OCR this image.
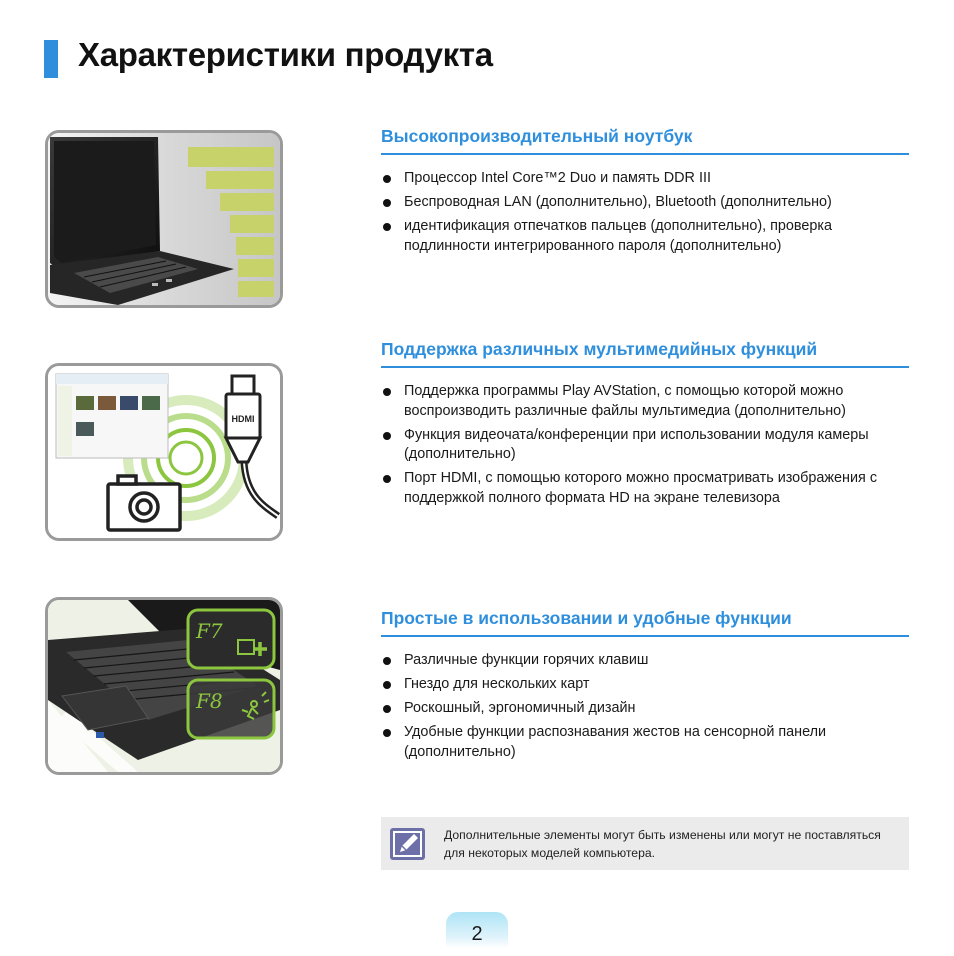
Характеристики продукта
HDMI
F7
F8
Высокопроизводительный ноутбук
Процессор Intel Core™2 Duo и память DDR III
Беспроводная LAN (дополнительно), Bluetooth (дополнительно)
идентификация отпечатков пальцев (дополнительно), проверка подлинности интегрированного пароля (дополнительно)
Поддержка различных мультимедийных функций
Поддержка программы Play AVStation, с помощью которой можно воспроизводить различные файлы мультимедиа (дополнительно)
Функция видеочата/конференции при использовании модуля камеры (дополнительно)
Порт HDMI, с помощью которого можно просматривать изображения с поддержкой полного формата HD на экране телевизора
Простые в использовании и удобные функции
Различные функции горячих клавиш
Гнездо для нескольких карт
Роскошный, эргономичный дизайн
Удобные функции распознавания жестов на сенсорной панели (дополнительно)
Дополнительные элементы могут быть изменены или могут не поставляться для некоторых моделей компьютера.
2
